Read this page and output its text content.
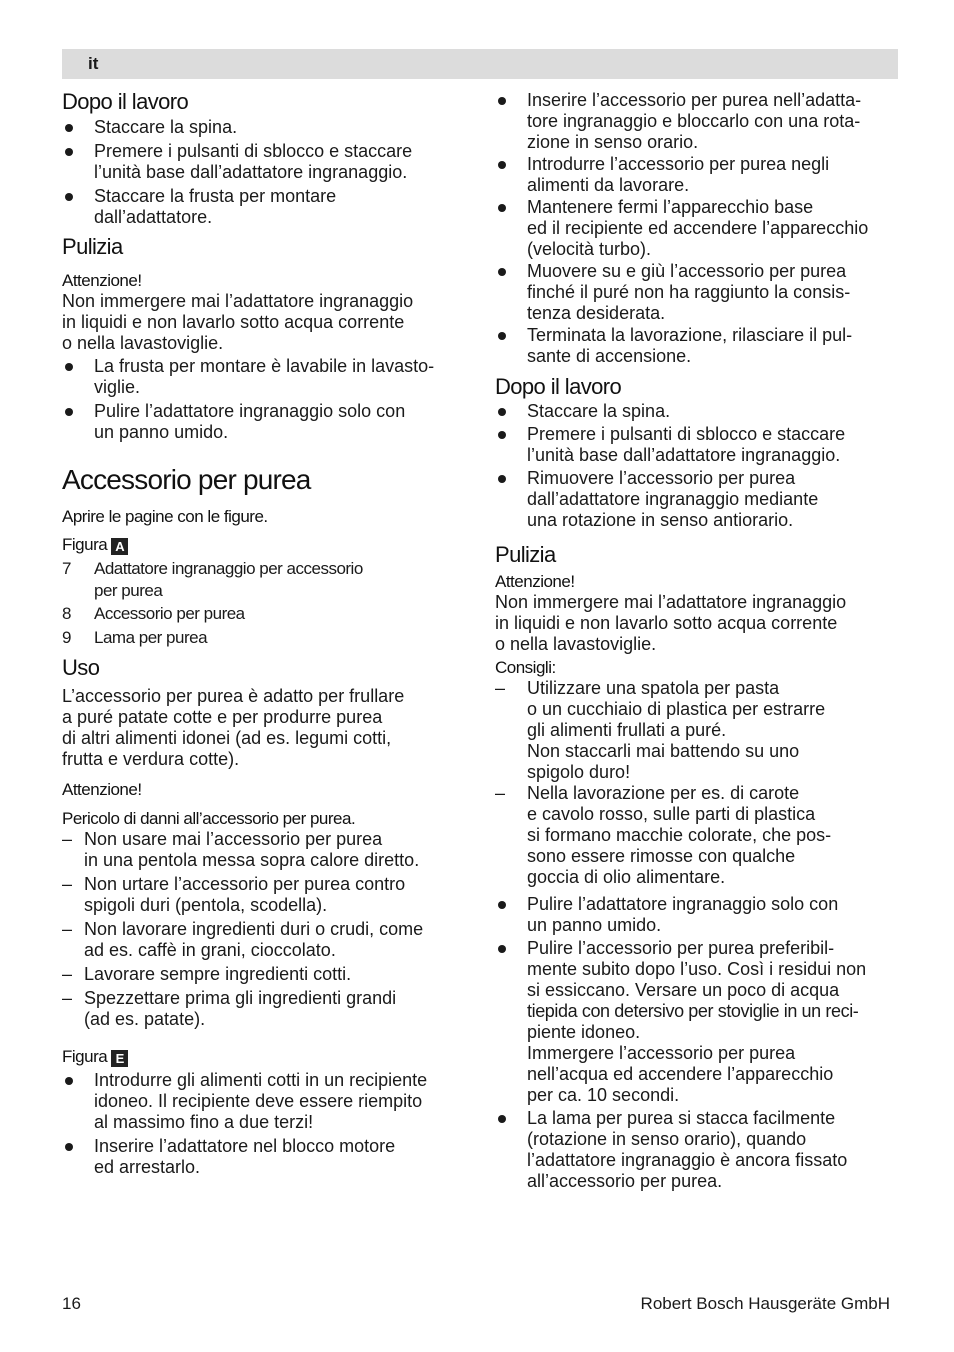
it
Dopo il lavoro
Staccare la spina.
Premere i pulsanti di sblocco e staccare
l’unità base dall’adattatore ingranaggio.
Staccare la frusta per montare
dall’adattatore.
Pulizia
Attenzione!
Non immergere mai l’adattatore ingranaggio
in liquidi e non lavarlo sotto acqua corrente
o nella lavastoviglie.
La frusta per montare è lavabile in lavasto-
viglie.
Pulire l’adattatore ingranaggio solo con
un panno umido.
Accessorio per purea
Aprire le pagine con le figure.
Figura A
7 Adattatore ingranaggio per accessorio
per purea
8 Accessorio per purea
9 Lama per purea
Uso
L’accessorio per purea è adatto per frullare
a puré patate cotte e per produrre purea
di altri alimenti idonei (ad es. legumi cotti,
frutta e verdura cotte).
Attenzione!
Pericolo di danni all’accessorio per purea.
– Non usare mai l’accessorio per purea
in una pentola messa sopra calore diretto.
– Non urtare l’accessorio per purea contro
spigoli duri (pentola, scodella).
– Non lavorare ingredienti duri o crudi, come
ad es. caffè in grani, cioccolato.
– Lavorare sempre ingredienti cotti.
– Spezzettare prima gli ingredienti grandi
(ad es. patate).
Figura E
Introdurre gli alimenti cotti in un recipiente
idoneo. Il recipiente deve essere riempito
al massimo fino a due terzi!
Inserire l’adattatore nel blocco motore
ed arrestarlo.
Inserire l’accessorio per purea nell’adatta-
tore ingranaggio e bloccarlo con una rota-
zione in senso orario.
Introdurre l’accessorio per purea negli
alimenti da lavorare.
Mantenere fermi l’apparecchio base
ed il recipiente ed accendere l’apparecchio
(velocità turbo).
Muovere su e giù l’accessorio per purea
finché il puré non ha raggiunto la consis-
tenza desiderata.
Terminata la lavorazione, rilasciare il pul-
sante di accensione.
Dopo il lavoro
Staccare la spina.
Premere i pulsanti di sblocco e staccare
l’unità base dall’adattatore ingranaggio.
Rimuovere l’accessorio per purea
dall’adattatore ingranaggio mediante
una rotazione in senso antiorario.
Pulizia
Attenzione!
Non immergere mai l’adattatore ingranaggio
in liquidi e non lavarlo sotto acqua corrente
o nella lavastoviglie.
Consigli:
– Utilizzare una spatola per pasta
o un cucchiaio di plastica per estrarre
gli alimenti frullati a puré.
Non staccarli mai battendo su uno
spigolo duro!
– Nella lavorazione per es. di carote
e cavolo rosso, sulle parti di plastica
si formano macchie colorate, che pos-
sono essere rimosse con qualche
goccia di olio alimentare.
Pulire l’adattatore ingranaggio solo con
un panno umido.
Pulire l’accessorio per purea preferibil-
mente subito dopo l’uso. Così i residui non
si essiccano. Versare un poco di acqua
tiepida con detersivo per stoviglie in un reci-
piente idoneo.
Immergere l’accessorio per purea
nell’acqua ed accendere l’apparecchio
per ca. 10 secondi.
La lama per purea si stacca facilmente
(rotazione in senso orario), quando
l’adattatore ingranaggio è ancora fissato
all’accessorio per purea.
16	Robert Bosch Hausgeräte GmbH
